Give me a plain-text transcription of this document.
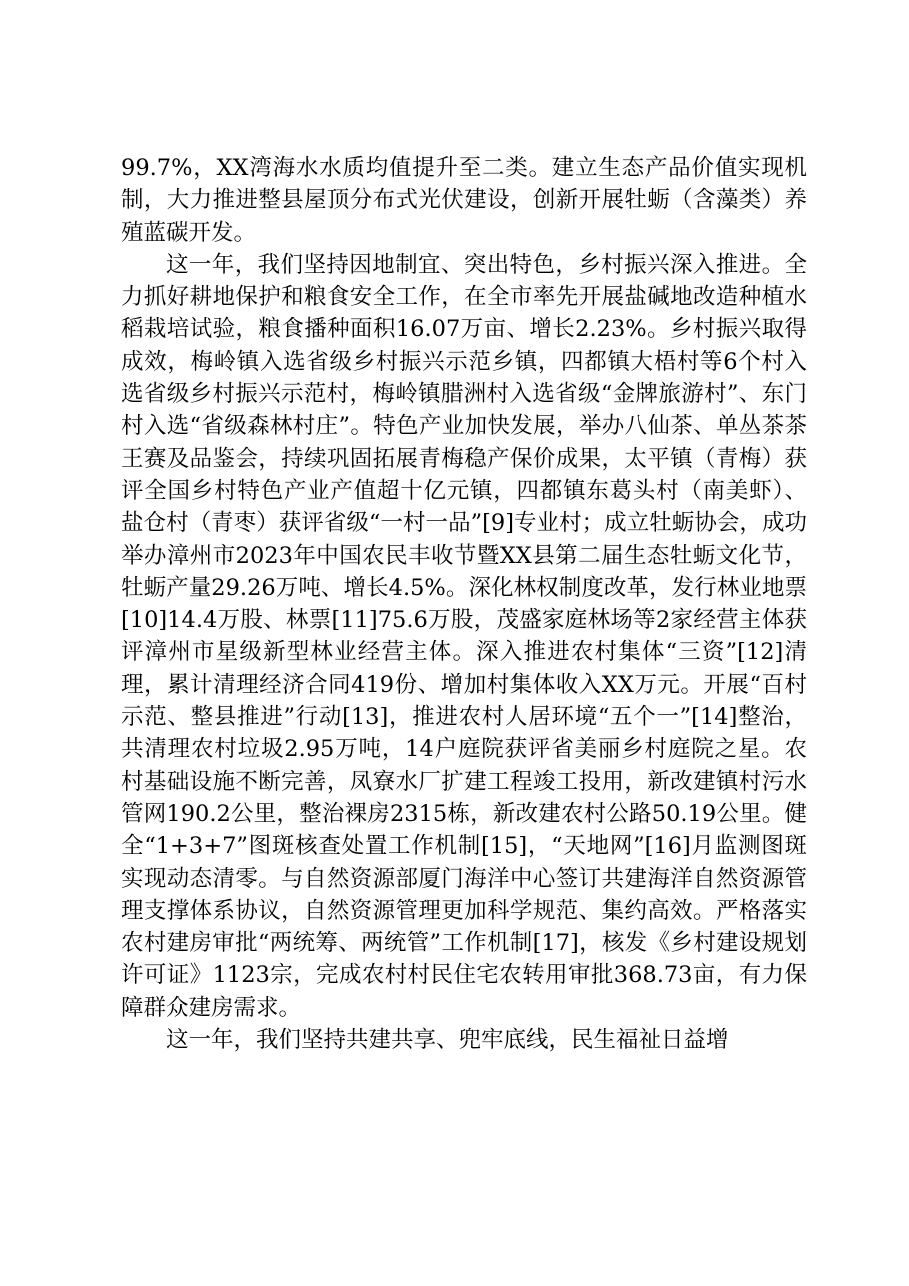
99.7%，XX湾海水水质均值提升至二类。建立生态产品价值实现机制，大力推进整县屋顶分布式光伏建设，创新开展牡蛎（含藻类）养殖蓝碳开发。

这一年，我们坚持因地制宜、突出特色，乡村振兴深入推进。全力抓好耕地保护和粮食安全工作，在全市率先开展盐碱地改造种植水稻栽培试验，粮食播种面积16.07万亩、增长2.23%。乡村振兴取得成效，梅岭镇入选省级乡村振兴示范乡镇，四都镇大梧村等6个村入选省级乡村振兴示范村，梅岭镇腊洲村入选省级“金牌旅游村”、东门村入选“省级森林村庄”。特色产业加快发展，举办八仙茶、单丛茶茶王赛及品鉴会，持续巩固拓展青梅稳产保价成果，太平镇（青梅）获评全国乡村特色产业产值超十亿元镇，四都镇东葛头村（南美虾）、盐仓村（青枣）获评省级“一村一品”[9]专业村；成立牡蛎协会，成功举办漳州市2023年中国农民丰收节暨XX县第二届生态牡蛎文化节，牡蛎产量29.26万吨、增长4.5%。深化林权制度改革，发行林业地票[10]14.4万股、林票[11]75.6万股，茂盛家庭林场等2家经营主体获评漳州市星级新型林业经营主体。深入推进农村集体“三资”[12]清理，累计清理经济合同419份、增加村集体收入XX万元。开展“百村示范、整县推进”行动[13]，推进农村人居环境“五个一”[14]整治，共清理农村垃圾2.95万吨，14户庭院获评省美丽乡村庭院之星。农村基础设施不断完善，凤寮水厂扩建工程竣工投用，新改建镇村污水管网190.2公里，整治裸房2315栋，新改建农村公路50.19公里。健全“1+3+7”图斑核查处置工作机制[15]，“天地网”[16]月监测图斑实现动态清零。与自然资源部厦门海洋中心签订共建海洋自然资源管理支撑体系协议，自然资源管理更加科学规范、集约高效。严格落实农村建房审批“两统筹、两统管”工作机制[17]，核发《乡村建设规划许可证》1123宗，完成农村村民住宅农转用审批368.73亩，有力保障群众建房需求。

这一年，我们坚持共建共享、兜牢底线，民生福祉日益增
